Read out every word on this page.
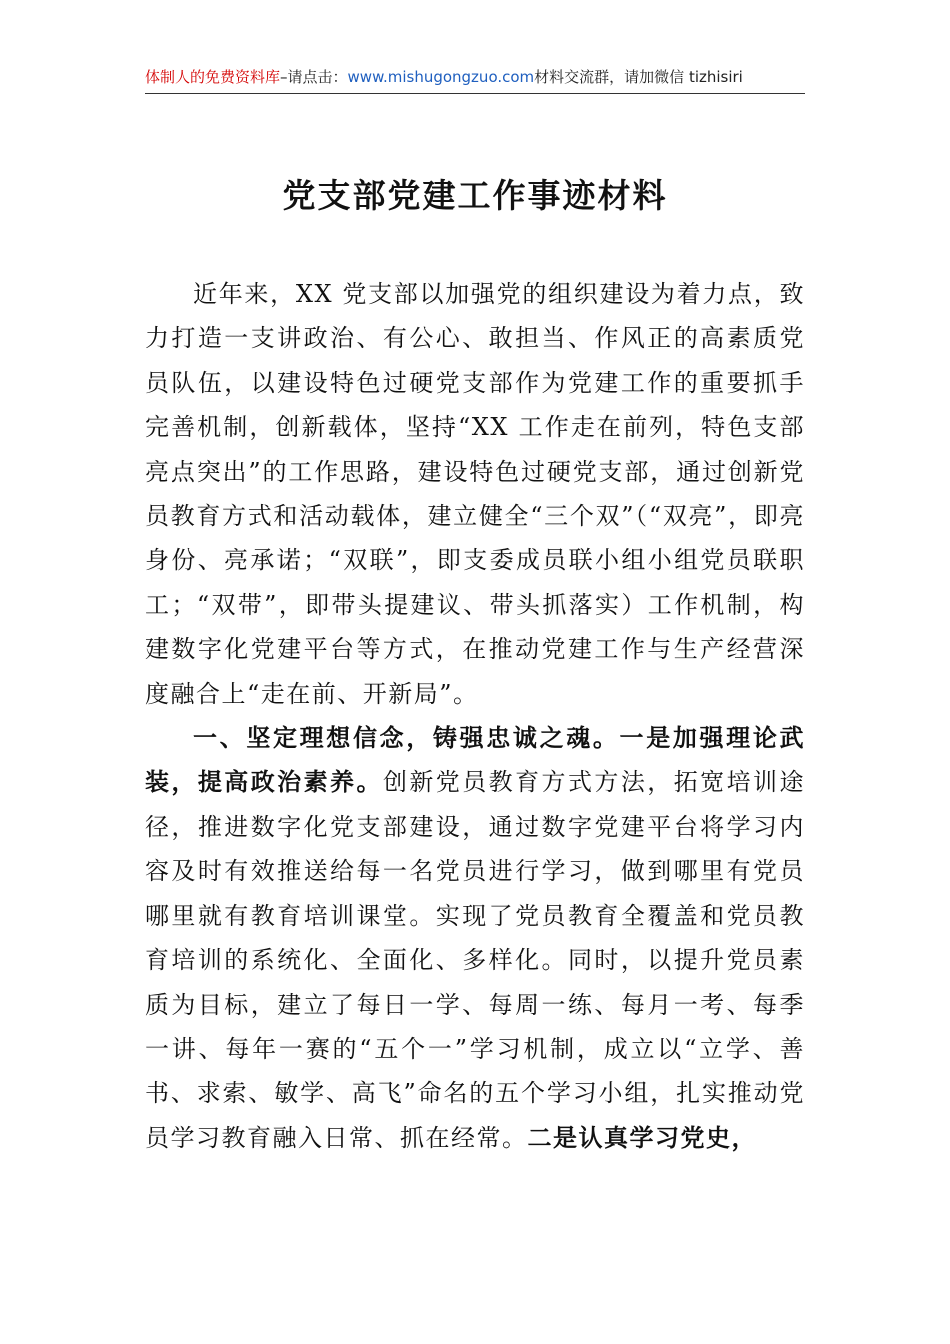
体制人的免费资料库–请点击：www.mishugongzuo.com材料交流群，请加微信 tizhisiri
党支部党建工作事迹材料

近年来，XX 党支部以加强党的组织建设为着力点，致力打造一支讲政治、有公心、敢担当、作风正的高素质党员队伍，以建设特色过硬党支部作为党建工作的重要抓手完善机制，创新载体，坚持“XX 工作走在前列，特色支部亮点突出”的工作思路，建设特色过硬党支部，通过创新党员教育方式和活动载体，建立健全“三个双”（“双亮”，即亮身份、亮承诺；“双联”，即支委成员联小组小组党员联职工；“双带”，即带头提建议、带头抓落实）工作机制，构建数字化党建平台等方式，在推动党建工作与生产经营深度融合上“走在前、开新局”。

一、坚定理想信念，铸强忠诚之魂。一是加强理论武装，提高政治素养。创新党员教育方式方法，拓宽培训途径，推进数字化党支部建设，通过数字党建平台将学习内容及时有效推送给每一名党员进行学习，做到哪里有党员哪里就有教育培训课堂。实现了党员教育全覆盖和党员教育培训的系统化、全面化、多样化。同时，以提升党员素质为目标，建立了每日一学、每周一练、每月一考、每季一讲、每年一赛的“五个一”学习机制，成立以“立学、善书、求索、敏学、高飞”命名的五个学习小组，扎实推动党员学习教育融入日常、抓在经常。二是认真学习党史，
